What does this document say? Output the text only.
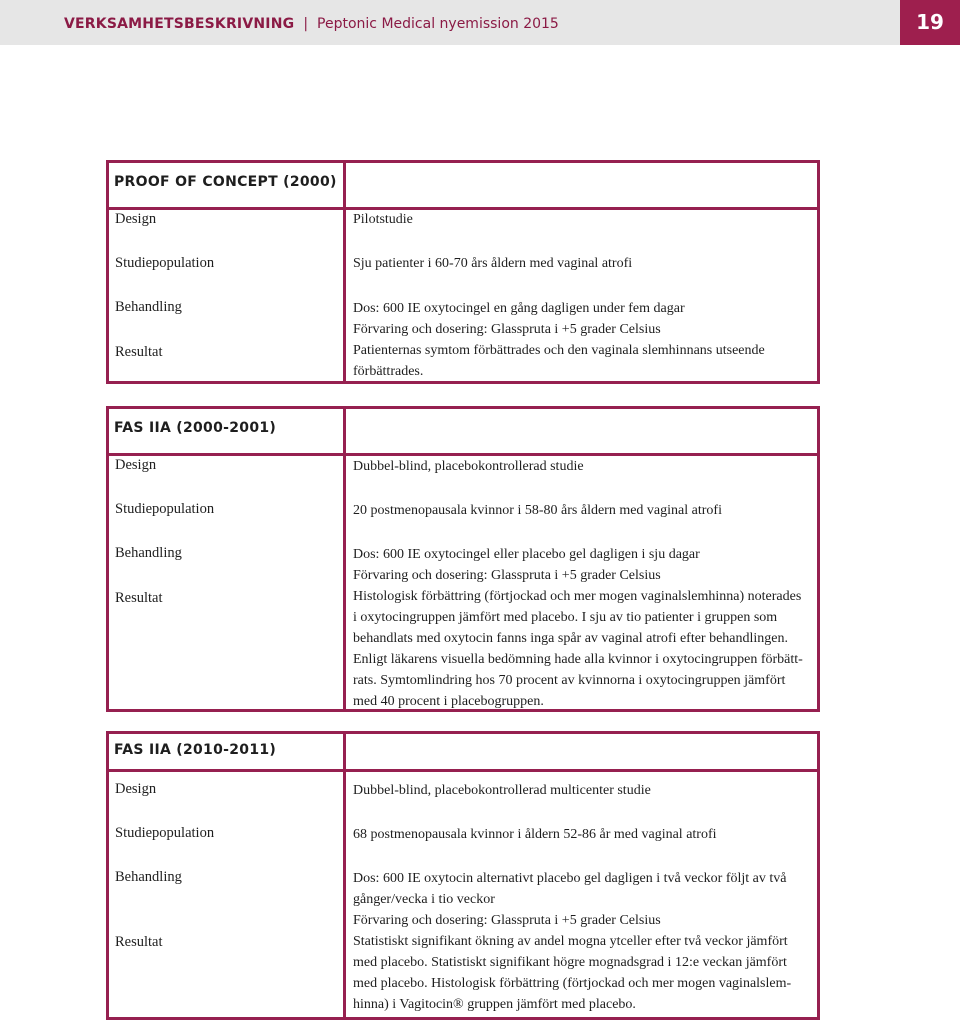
VERKSAMHETSBESKRIVNING | Peptonic Medical nyemission 2015	19
PROOF OF CONCEPT (2000)
Design
Studiepopulation
Behandling
Resultat
Pilotstudie
Sju patienter i 60-70 års åldern med vaginal atrofi
Dos: 600 IE oxytocingel en gång dagligen under fem dagar
Förvaring och dosering: Glasspruta i +5 grader Celsius
Patienternas symtom förbättrades och den vaginala slemhinnans utseende
förbättrades.
FAS IIA (2000-2001)
Design
Studiepopulation
Behandling
Resultat
Dubbel-blind, placebokontrollerad studie
20 postmenopausala kvinnor i 58-80 års åldern med vaginal atrofi
Dos: 600 IE oxytocingel eller placebo gel dagligen i sju dagar
Förvaring och dosering: Glasspruta i +5 grader Celsius
Histologisk förbättring (förtjockad och mer mogen vaginalslemhinna) noterades
i oxytocingruppen jämfört med placebo. I sju av tio patienter i gruppen som
behandlats med oxytocin fanns inga spår av vaginal atrofi efter behandlingen.
Enligt läkarens visuella bedömning hade alla kvinnor i oxytocingruppen förbätt-
rats. Symtomlindring hos 70 procent av kvinnorna i oxytocingruppen jämfört
med 40 procent i placebogruppen.
FAS IIA (2010-2011)
Design
Studiepopulation
Behandling
Resultat
Dubbel-blind, placebokontrollerad multicenter studie
68 postmenopausala kvinnor i åldern 52-86 år med vaginal atrofi
Dos: 600 IE oxytocin alternativt placebo gel dagligen i två veckor följt av två
gånger/vecka i tio veckor
Förvaring och dosering: Glasspruta i +5 grader Celsius
Statistiskt signifikant ökning av andel mogna ytceller efter två veckor jämfört
med placebo. Statistiskt signifikant högre mognadsgrad i 12:e veckan jämfört
med placebo. Histologisk förbättring (förtjockad och mer mogen vaginalslem-
hinna) i Vagitocin® gruppen jämfört med placebo.
